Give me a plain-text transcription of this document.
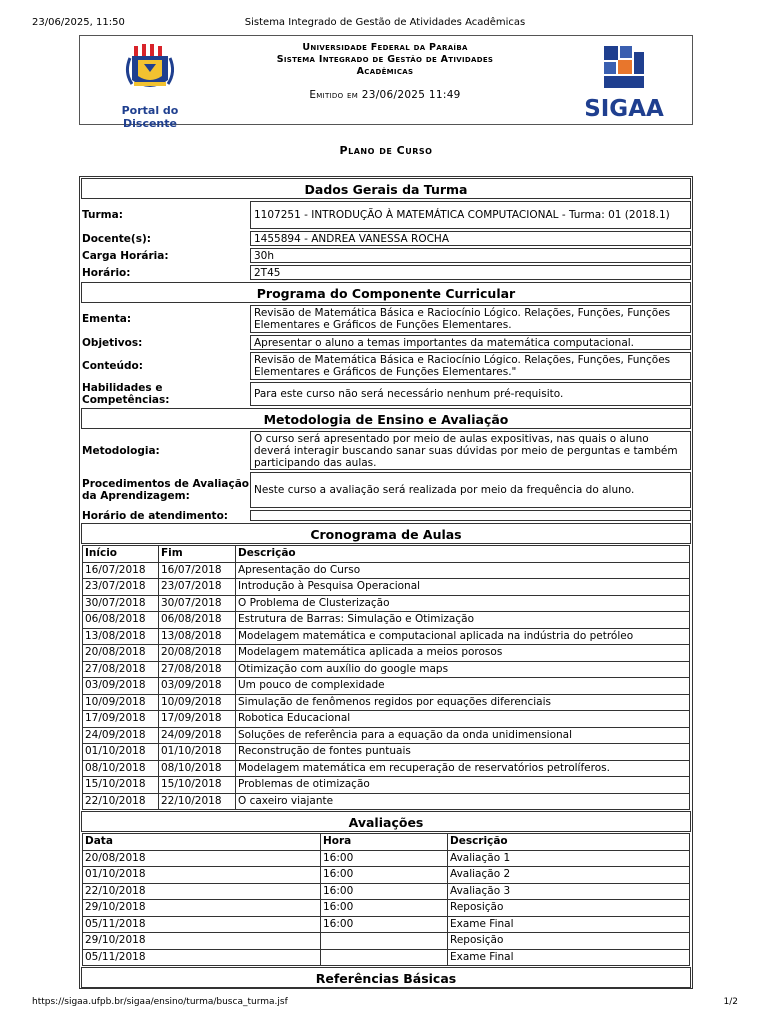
23/06/2025, 11:50	Sistema Integrado de Gestão de Atividades Acadêmicas
Portal do Discente
Universidade Federal da Paraíba
Sistema Integrado de Gestão de Atividades
Acadêmicas
Emitido em 23/06/2025 11:49
SIGAA
Plano de Curso
Dados Gerais da Turma
Turma:	1107251 - INTRODUÇÃO À MATEMÁTICA COMPUTACIONAL - Turma: 01 (2018.1)
Docente(s):	1455894 - ANDREA VANESSA ROCHA
Carga Horária:	30h
Horário:	2T45
Programa do Componente Curricular
Ementa:	Revisão de Matemática Básica e Raciocínio Lógico. Relações, Funções, Funções Elementares e Gráficos de Funções Elementares.
Objetivos:	Apresentar o aluno a temas importantes da matemática computacional.
Conteúdo:	Revisão de Matemática Básica e Raciocínio Lógico. Relações, Funções, Funções Elementares e Gráficos de Funções Elementares."
Habilidades e Competências:	Para este curso não será necessário nenhum pré-requisito.
Metodologia de Ensino e Avaliação
Metodologia:
O curso será apresentado por meio de aulas expositivas, nas quais o aluno deverá interagir buscando sanar suas dúvidas por meio de perguntas e também participando das aulas.
Procedimentos de Avaliação da Aprendizagem:	Neste curso a avaliação será realizada por meio da frequência do aluno.
Horário de atendimento:
Cronograma de Aulas
Início	Fim	Descrição
16/07/2018	16/07/2018	Apresentação do Curso
23/07/2018	23/07/2018	Introdução à Pesquisa Operacional
30/07/2018	30/07/2018	O Problema de Clusterização
06/08/2018	06/08/2018	Estrutura de Barras: Simulação e Otimização
13/08/2018	13/08/2018	Modelagem matemática e computacional aplicada na indústria do petróleo
20/08/2018	20/08/2018	Modelagem matemática aplicada a meios porosos
27/08/2018	27/08/2018	Otimização com auxílio do google maps
03/09/2018	03/09/2018	Um pouco de complexidade
10/09/2018	10/09/2018	Simulação de fenômenos regidos por equações diferenciais
17/09/2018	17/09/2018	Robotica Educacional
24/09/2018	24/09/2018	Soluções de referência para a equação da onda unidimensional
01/10/2018	01/10/2018	Reconstrução de fontes puntuais
08/10/2018	08/10/2018	Modelagem matemática em recuperação de reservatórios petrolíferos.
15/10/2018	15/10/2018	Problemas de otimização
22/10/2018	22/10/2018	O caxeiro viajante
Avaliações
Data	Hora	Descrição
20/08/2018	16:00	Avaliação 1
01/10/2018	16:00	Avaliação 2
22/10/2018	16:00	Avaliação 3
29/10/2018	16:00	Reposição
05/11/2018	16:00	Exame Final
29/10/2018		Reposição
05/11/2018		Exame Final
Referências Básicas
https://sigaa.ufpb.br/sigaa/ensino/turma/busca_turma.jsf	1/2
